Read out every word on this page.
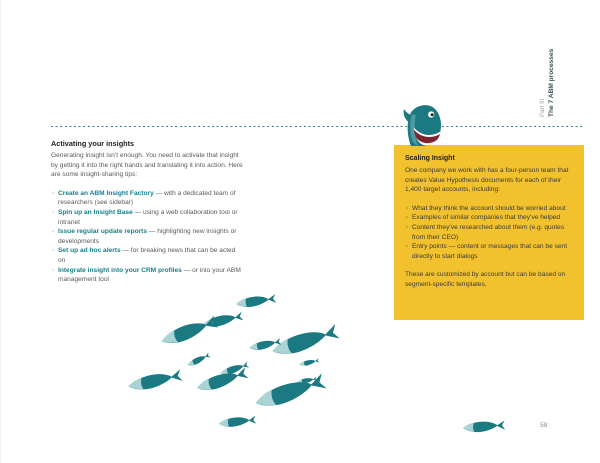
Activating your insights

Generating insight isn’t enough. You need to activate that insight by getting it into the right hands and translating it into action. Here are some insight-sharing tips:

· Create an ABM Insight Factory — with a dedicated team of researchers (see sidebar)
· Spin up an Insight Base — using a web collaboration tool or intranet
· Issue regular update reports — highlighting new insights or developments
· Set up ad hoc alerts — for breaking news that can be acted on
· Integrate insight into your CRM profiles — or into your ABM management tool
Scaling Insight

One company we work with has a four-person team that creates Value Hypothesis documents for each of their 1,400 target accounts, including:

· What they think the account should be worried about
· Examples of similar companies that they’ve helped
· Content they’ve researched about them (e.g. quotes from their CEO)
· Entry points — content or messages that can be sent directly to start dialogs

These are customized by account but can be based on segment-specific templates.

Part III The 7 ABM processes
58
